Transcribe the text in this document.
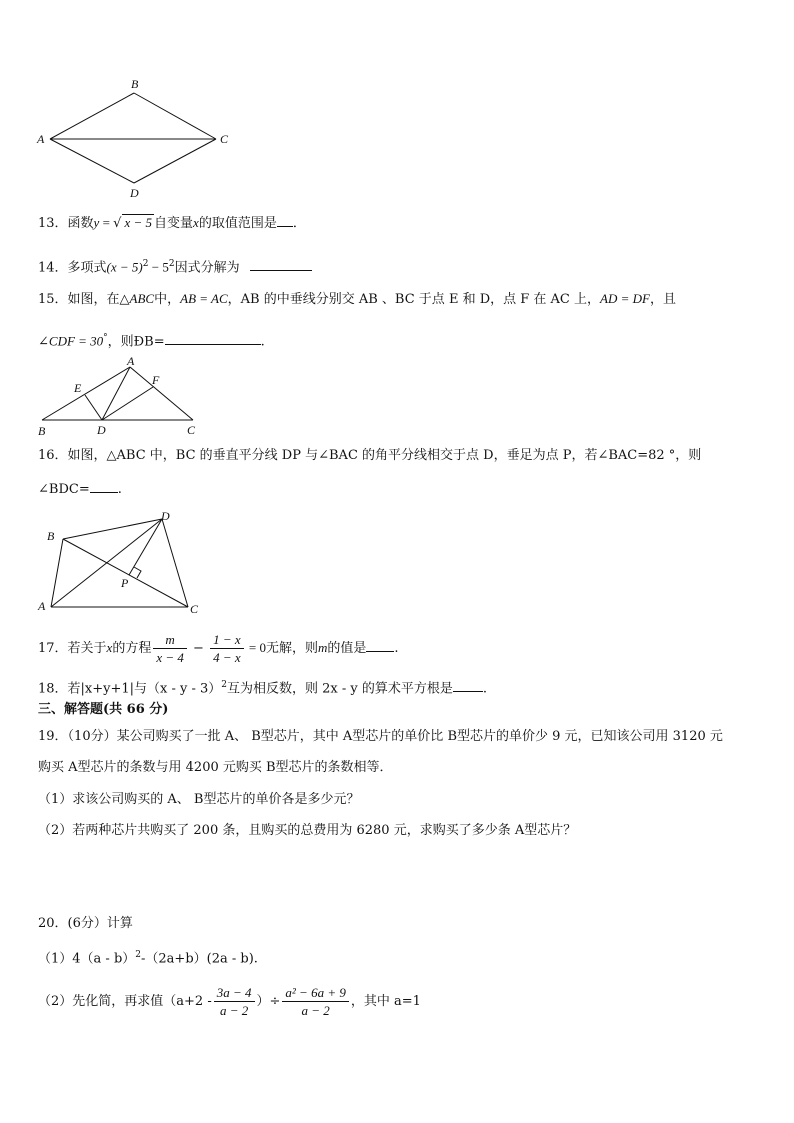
B
A	C
D
13．函数y = √ x − 5 自变量x的取值范围是 ．
14．多项式$(x - 5)^2 - 5^2$因式分解为
15．如图，在△ABC中，AB = AC，AB 的中垂线分别交 AB 、BC 于点 E 和 D，点 F 在 AC 上，AD = DF，且
∠CDF = 30°，则ÐB=	.
A
B	C
D
E
F
16．如图，△ABC 中，BC 的垂直平分线 DP 与∠BAC 的角平分线相交于点 D，垂足为点 P，若∠BAC=82 °，则
∠BDC= .
B
D
A	C
P
17．若关于x的方程 $\frac{m}{x - 4} - \frac{1 - x}{4 - x} = 0$无解，则m的值是 .
18．若|x+y+1|与（x - y - 3）$^2$互为相反数，则 2x - y 的算术平方根是 .
三、解答题(共 66 分)
19．（10分）某公司购买了一批 A、 B型芯片，其中 A型芯片的单价比 B型芯片的单价少 9 元，已知该公司用 3120 元
购买 A型芯片的条数与用 4200 元购买 B型芯片的条数相等．
（1）求该公司购买的 A、 B型芯片的单价各是多少元？
（2）若两种芯片共购买了 200 条，且购买的总费用为 6280 元，求购买了多少条 A型芯片？
20．(6分）计算
（1）4（a - b）$^2$-（2a+b）(2a - b).
（2）先化简，再求值（$a+2 - \frac{3a - 4}{a - 2}$ ）÷ $\frac{\text{a² − 6a + 9}}{a - 2}$ ，其中 a=1
